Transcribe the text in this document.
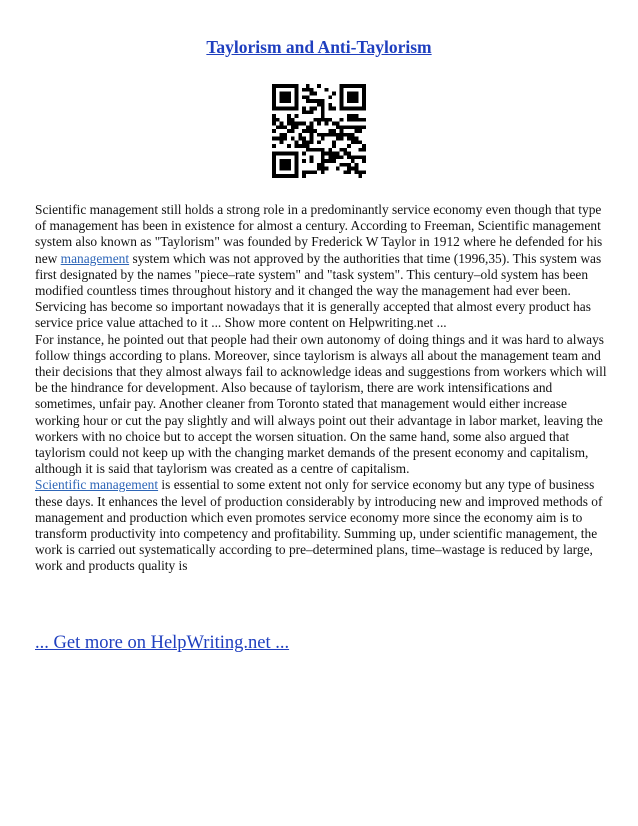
Taylorism and Anti-Taylorism

Scientific management still holds a strong role in a predominantly service economy even though that type of management has been in existence for almost a century. According to Freeman, Scientific management system also known as "Taylorism" was founded by Frederick W Taylor in 1912 where he defended for his new management system which was not approved by the authorities that time (1996,35). This system was first designated by the names "piece–rate system" and "task system". This century–old system has been modified countless times throughout history and it changed the way the management had ever been. Servicing has become so important nowadays that it is generally accepted that almost every product has service price value attached to it ... Show more content on Helpwriting.net ...

For instance, he pointed out that people had their own autonomy of doing things and it was hard to always follow things according to plans. Moreover, since taylorism is always all about the management team and their decisions that they almost always fail to acknowledge ideas and suggestions from workers which will be the hindrance for development. Also because of taylorism, there are work intensifications and sometimes, unfair pay. Another cleaner from Toronto stated that management would either increase working hour or cut the pay slightly and will always point out their advantage in labor market, leaving the workers with no choice but to accept the worsen situation. On the same hand, some also argued that taylorism could not keep up with the changing market demands of the present economy and capitalism, although it is said that taylorism was created as a centre of capitalism.

Scientific management is essential to some extent not only for service economy but any type of business these days. It enhances the level of production considerably by introducing new and improved methods of management and production which even promotes service economy more since the economy aim is to transform productivity into competency and profitability. Summing up, under scientific management, the work is carried out systematically according to pre–determined plans, time–wastage is reduced by large, work and products quality is

... Get more on HelpWriting.net ...
